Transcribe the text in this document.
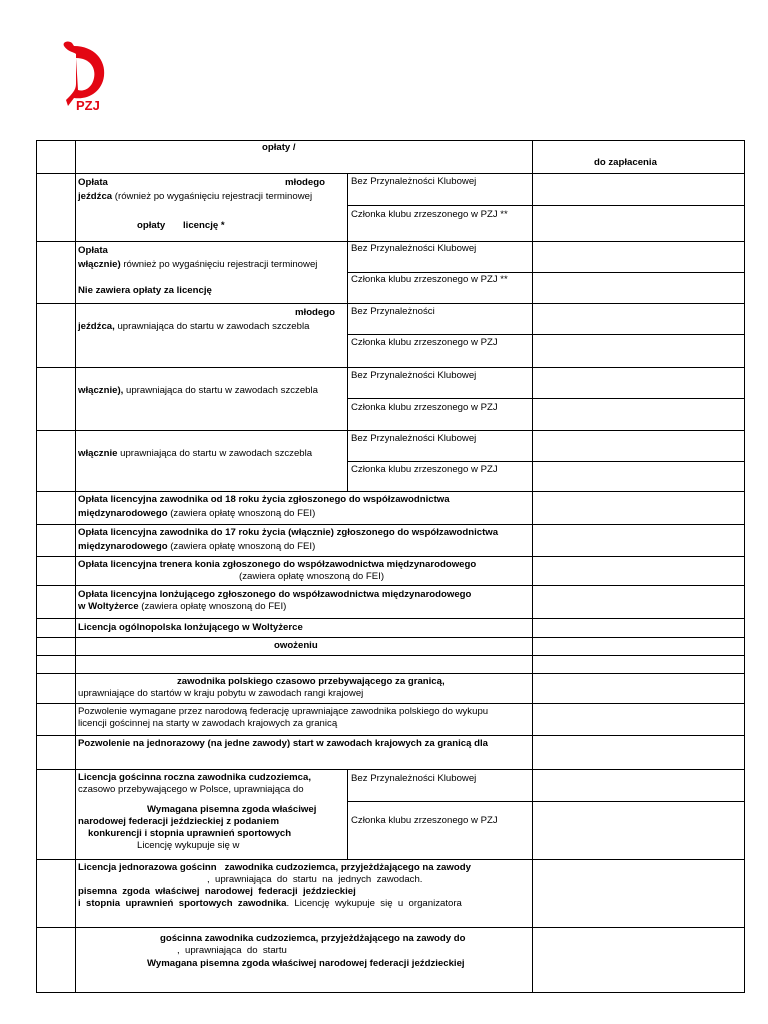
PZJ
opłaty /
do zapłacenia
Opłata	młodego
jeźdźca (również po wygaśnięciu rejestracji terminowej
opłaty licencję *
Bez Przynależności Klubowej
Członka klubu zrzeszonego w PZJ **
Opłata
włącznie) również po wygaśnięciu rejestracji terminowej
Nie zawiera opłaty za licencję
Bez Przynależności Klubowej
Członka klubu zrzeszonego w PZJ **
młodego
jeźdźca, uprawniająca do startu w zawodach szczebla
Bez Przynależności
Członka klubu zrzeszonego w PZJ
włącznie), uprawniająca do startu w zawodach szczebla
Bez Przynależności Klubowej
Członka klubu zrzeszonego w PZJ
włącznie uprawniająca do startu w zawodach szczebla
Bez Przynależności Klubowej
Członka klubu zrzeszonego w PZJ
Opłata licencyjna zawodnika od 18 roku życia zgłoszonego do współzawodnictwa
międzynarodowego (zawiera opłatę wnoszoną do FEI)
Opłata licencyjna zawodnika do 17 roku życia (włącznie) zgłoszonego do współzawodnictwa
międzynarodowego (zawiera opłatę wnoszoną do FEI)
Opłata licencyjna trenera konia zgłoszonego do współzawodnictwa międzynarodowego
(zawiera opłatę wnoszoną do FEI)
Opłata licencyjna lonżującego zgłoszonego do współzawodnictwa międzynarodowego
w Woltyżerce (zawiera opłatę wnoszoną do FEI)
Licencja ogólnopolska lonżującego w Woltyżerce
owożeniu
zawodnika polskiego czasowo przebywającego za granicą,
uprawniające do startów w kraju pobytu w zawodach rangi krajowej
Pozwolenie wymagane przez narodową federację uprawniające zawodnika polskiego do wykupu
licencji gościnnej na starty w zawodach krajowych za granicą
Pozwolenie na jednorazowy (na jedne zawody) start w zawodach krajowych za granicą dla
Licencja gościnna roczna zawodnika cudzoziemca,
czasowo przebywającego w Polsce, uprawniająca do
Wymagana pisemna zgoda właściwej
narodowej federacji jeździeckiej z podaniem
konkurencji i stopnia uprawnień sportowych
Licencję wykupuje się w
Bez Przynależności Klubowej
Członka klubu zrzeszonego w PZJ
Licencja jednorazowa gościnn   zawodnika cudzoziemca, przyjeżdżającego na zawody
,  uprawniająca  do  startu  na  jednych  zawodach.
pisemna  zgoda  właściwej  narodowej  federacji  jeździeckiej
i  stopnia  uprawnień  sportowych  zawodnika.  Licencję  wykupuje  się  u  organizatora
gościnna zawodnika cudzoziemca, przyjeżdżającego na zawody do
,  uprawniająca  do  startu
Wymagana pisemna zgoda właściwej narodowej federacji jeździeckiej
